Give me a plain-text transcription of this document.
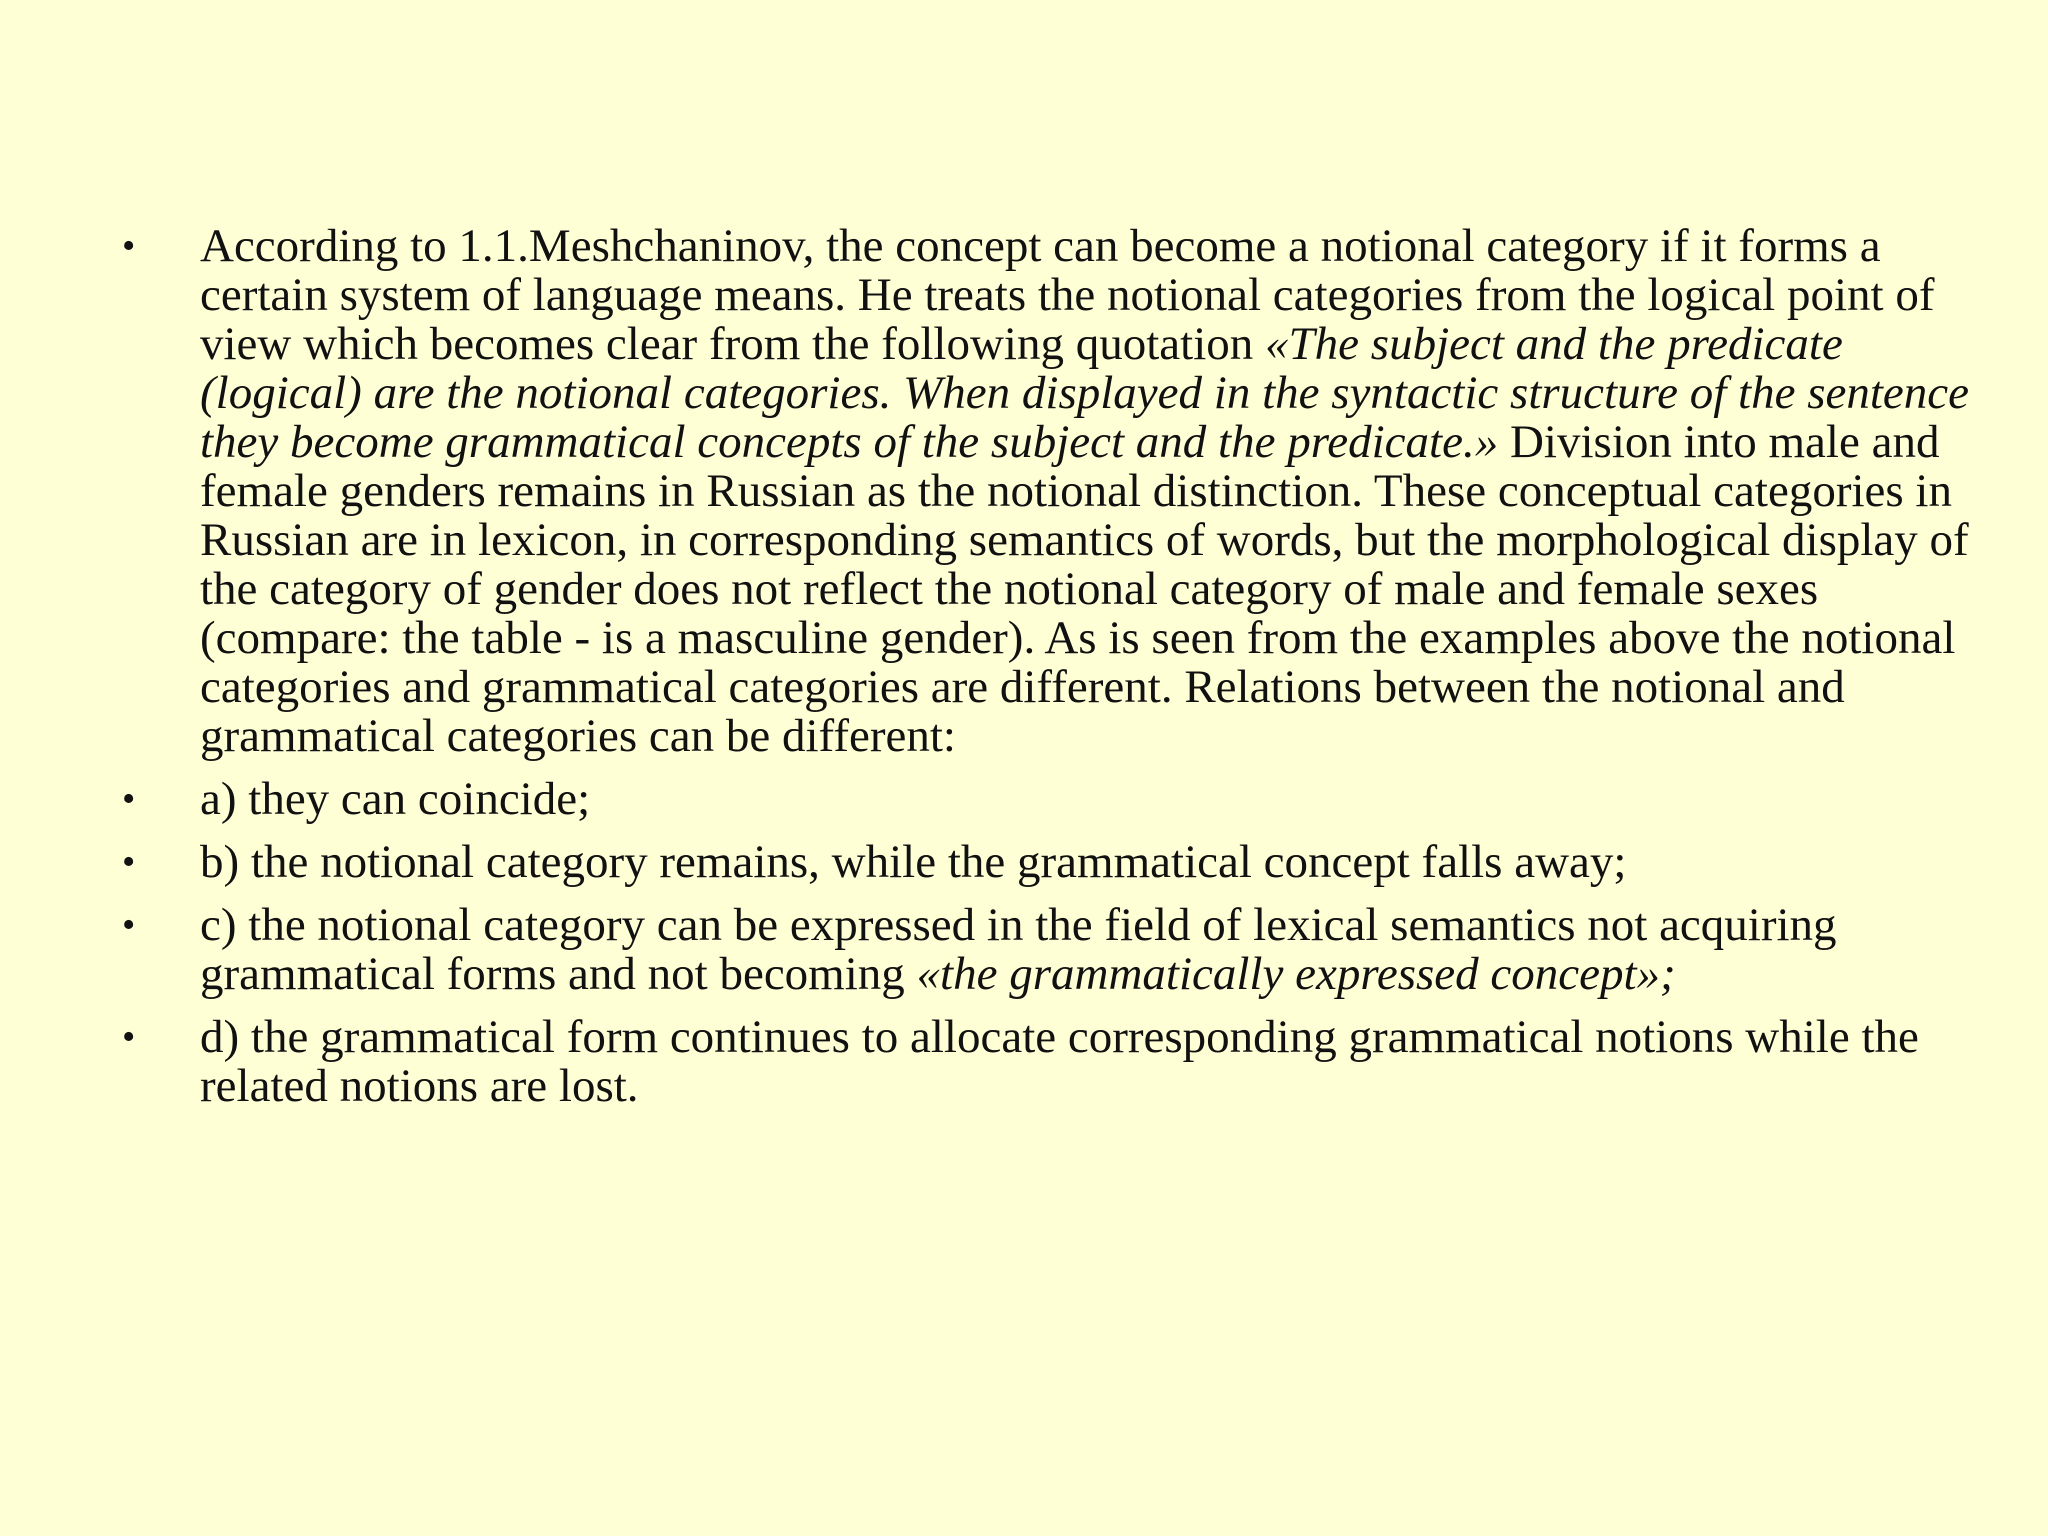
• According to 1.1.Meshchaninov, the concept can become a notional category if it forms a certain system of language means. He treats the notional categories from the logical point of view which becomes clear from the following quotation «The subject and the predicate (logical) are the notional categories. When displayed in the syntactic structure of the sentence they become grammatical concepts of the subject and the predicate.» Division into male and female genders remains in Russian as the notional distinction. These conceptual categories in Russian are in lexicon, in corresponding semantics of words, but the morphological display of the category of gender does not reflect the notional category of male and female sexes (compare: the table - is a masculine gender). As is seen from the examples above the notional categories and grammatical categories are different. Relations between the notional and grammatical categories can be different:
• a) they can coincide;
• b) the notional category remains, while the grammatical concept falls away;
• c) the notional category can be expressed in the field of lexical semantics not acquiring grammatical forms and not becoming «the grammatically expressed concept»;
• d) the grammatical form continues to allocate corresponding grammatical notions while the related notions are lost.
